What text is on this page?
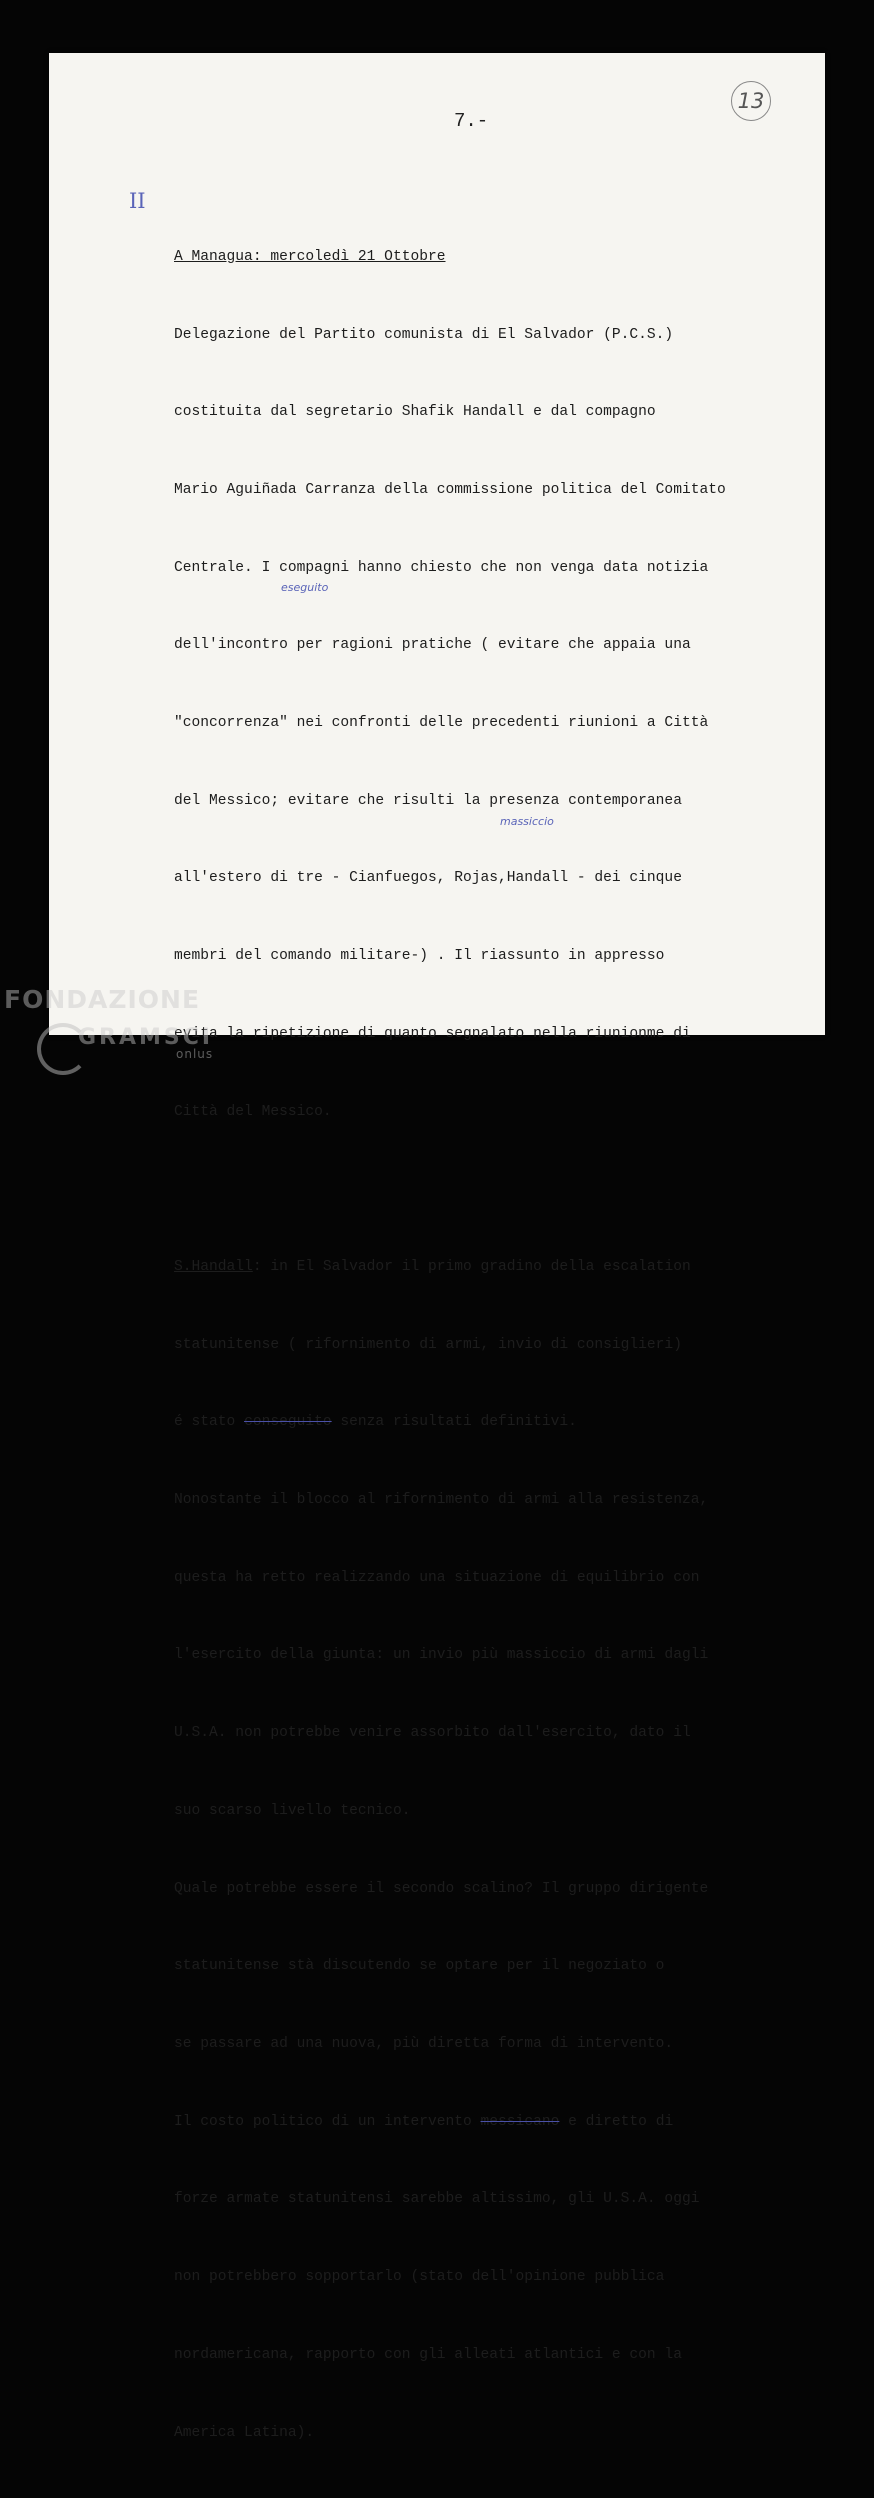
13
7.-
II
eseguito
massiccio

A Managua: mercoledì 21 Ottobre

Delegazione del Partito comunista di El Salvador (P.C.S.)

costituita dal segretario Shafik Handall e dal compagno

Mario Aguiñada Carranza della commissione politica del Comitato

Centrale. I compagni hanno chiesto che non venga data notizia

dell'incontro per ragioni pratiche ( evitare che appaia una

"concorrenza" nei confronti delle precedenti riunioni a Città

del Messico; evitare che risulti la presenza contemporanea

all'estero di tre - Cianfuegos, Rojas,Handall - dei cinque

membri del comando militare-) . Il riassunto in appresso

evita la ripetizione di quanto segnalato nella riunionme di

Città del Messico.

S.Handall: in El Salvador il primo gradino della escalation

statunitense ( rifornimento di armi, invio di consiglieri)

é stato conseguito senza risultati definitivi.

Nonostante il blocco al rifornimento di armi alla resistenza,

questa ha retto realizzando una situazione di equilibrio con

l'esercito della giunta: un invio più massiccio di armi dagli

U.S.A. non potrebbe venire assorbito dall'esercito, dato il

suo scarso livello tecnico.

Quale potrebbe essere il secondo scalino? Il gruppo dirigente

statunitense stà discutendo se optare per il negoziato o

se passare ad una nuova, più diretta forma di intervento.

Il costo politico di un intervento messicano e diretto di

forze armate statunitensi sarebbe altissimo, gli U.S.A. oggi

non potrebbero sopportarlo (stato dell'opinione pubblica

nordamericana, rapporto con gli alleati atlantici e con la

America Latina).

FONDAZIONE
GRAMSCI
onlus
